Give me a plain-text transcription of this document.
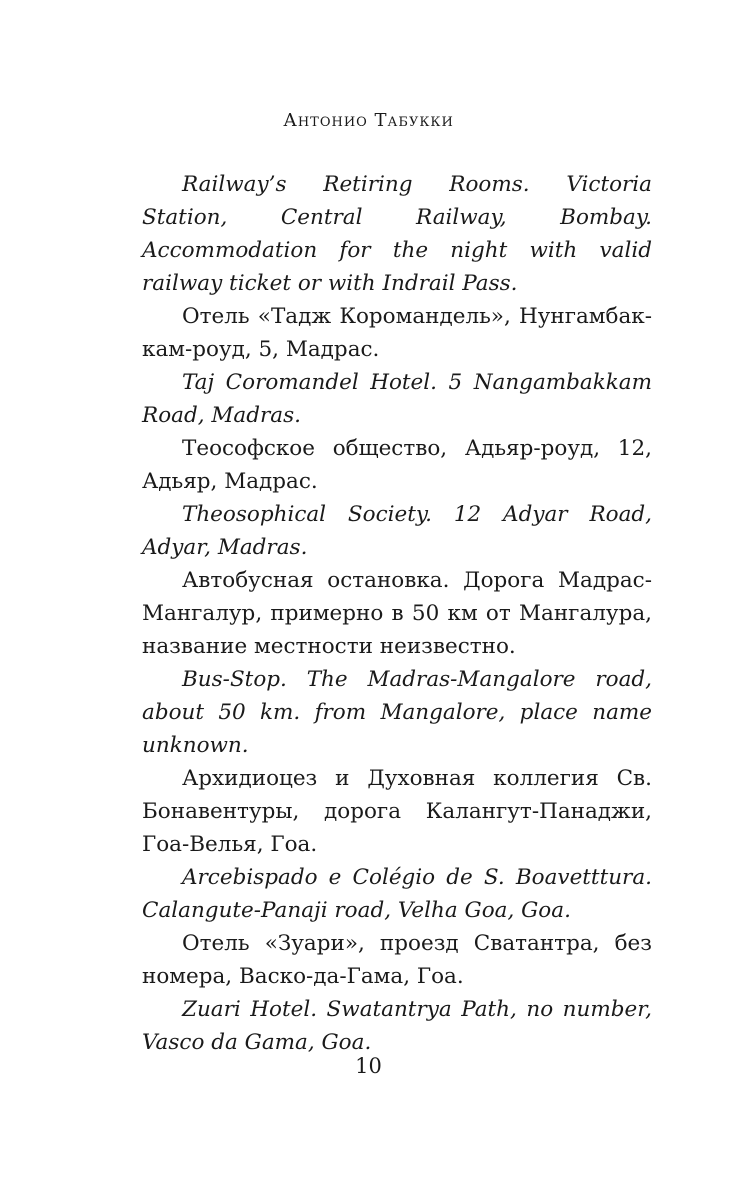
Антонио Табукки

Railway’s Retiring Rooms. Victoria Station, Central Railway, Bombay. Accommodation for the night with valid railway ticket or with Indrail Pass.

Отель «Тадж Коромандель», Нунгамбаккам-роуд, 5, Мадрас.

Taj Coromandel Hotel. 5 Nangambakkam Road, Madras.

Теософское общество, Адьяр-роуд, 12, Адьяр, Мадрас.

Theosophical Society. 12 Adyar Road, Adyar, Madras.

Автобусная остановка. Дорога Мадрас-Мангалур, примерно в 50 км от Мангалура, название местности неизвестно.

Bus-Stop. The Madras-Mangalore road, about 50 km. from Mangalore, place name unknown.

Архидиоцез и Духовная коллегия Св. Бонавентуры, дорога Калангут-Панаджи, Гоа-Велья, Гоа.

Arcebispado e Colégio de S. Boavetttura. Calangute-Panaji road, Velha Goa, Goa.

Отель «Зуари», проезд Сватантра, без номера, Васко-да-Гама, Гоа.

Zuari Hotel. Swatantrya Path, no number, Vasco da Gama, Goa.

10
